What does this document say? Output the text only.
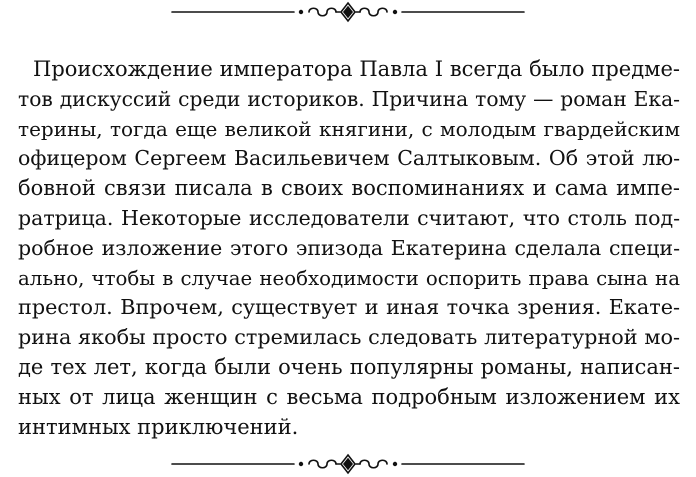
Происхождение императора Павла I всегда было предме-
тов дискуссий среди историков. Причина тому — роман Ека-
терины, тогда еще великой княгини, с молодым гвардейским
офицером Сергеем Васильевичем Салтыковым. Об этой лю-
бовной связи писала в своих воспоминаниях и сама импе-
ратрица. Некоторые исследователи считают, что столь под-
робное изложение этого эпизода Екатерина сделала специ-
ально, чтобы в случае необходимости оспорить права сына на
престол. Впрочем, существует и иная точка зрения. Екате-
рина якобы просто стремилась следовать литературной мо-
де тех лет, когда были очень популярны романы, написан-
ных от лица женщин с весьма подробным изложением их
интимных приключений.
